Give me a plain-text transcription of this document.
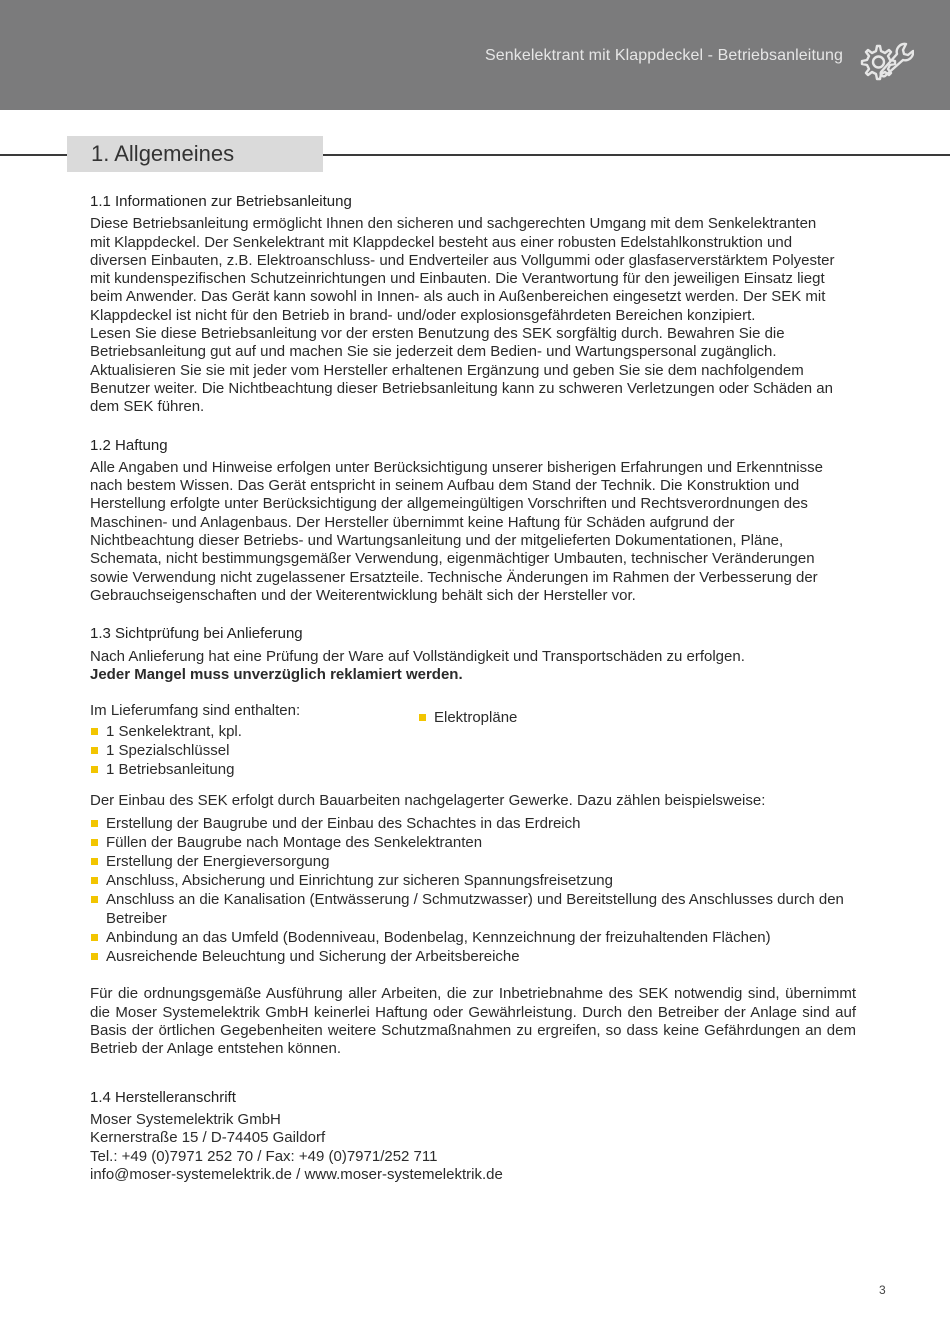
Senkelektrant mit Klappdeckel - Betriebsanleitung
1. Allgemeines
1.1 Informationen zur Betriebsanleitung

Diese Betriebsanleitung ermöglicht Ihnen den sicheren und sachgerechten Umgang mit dem Senkelektranten
mit Klappdeckel. Der Senkelektrant mit Klappdeckel besteht aus einer robusten Edelstahlkonstruktion und
diversen Einbauten, z.B. Elektroanschluss- und Endverteiler aus Vollgummi oder glasfaserverstärktem Polyester
mit kundenspezifischen Schutzeinrichtungen und Einbauten. Die Verantwortung für den jeweiligen Einsatz liegt
beim Anwender. Das Gerät kann sowohl in Innen- als auch in Außenbereichen eingesetzt werden. Der SEK mit
Klappdeckel ist nicht für den Betrieb in brand- und/oder explosionsgefährdeten Bereichen konzipiert.
Lesen Sie diese Betriebsanleitung vor der ersten Benutzung des SEK sorgfältig durch. Bewahren Sie die
Betriebsanleitung gut auf und machen Sie sie jederzeit dem Bedien- und Wartungspersonal zugänglich.
Aktualisieren Sie sie mit jeder vom Hersteller erhaltenen Ergänzung und geben Sie sie dem nachfolgendem
Benutzer weiter. Die Nichtbeachtung dieser Betriebsanleitung kann zu schweren Verletzungen oder Schäden an
dem SEK führen.

1.2 Haftung

Alle Angaben und Hinweise erfolgen unter Berücksichtigung unserer bisherigen Erfahrungen und Erkenntnisse
nach bestem Wissen. Das Gerät entspricht in seinem Aufbau dem Stand der Technik. Die Konstruktion und
Herstellung erfolgte unter Berücksichtigung der allgemeingültigen Vorschriften und Rechtsverordnungen des
Maschinen- und Anlagenbaus. Der Hersteller übernimmt keine Haftung für Schäden aufgrund der
Nichtbeachtung dieser Betriebs- und Wartungsanleitung und der mitgelieferten Dokumentationen, Pläne,
Schemata, nicht bestimmungsgemäßer Verwendung, eigenmächtiger Umbauten, technischer Veränderungen
sowie Verwendung nicht zugelassener Ersatzteile. Technische Änderungen im Rahmen der Verbesserung der
Gebrauchseigenschaften und der Weiterentwicklung behält sich der Hersteller vor.

1.3 Sichtprüfung bei Anlieferung

Nach Anlieferung hat eine Prüfung der Ware auf Vollständigkeit und Transportschäden zu erfolgen.

Jeder Mangel muss unverzüglich reklamiert werden.

Im Lieferumfang sind enthalten:
1 Senkelektrant, kpl.
1 Spezialschlüssel
1 Betriebsanleitung
Elektropläne

Der Einbau des SEK erfolgt durch Bauarbeiten nachgelagerter Gewerke. Dazu zählen beispielsweise:

Erstellung der Baugrube und der Einbau des Schachtes in das Erdreich
Füllen der Baugrube nach Montage des Senkelektranten
Erstellung der Energieversorgung
Anschluss, Absicherung und Einrichtung zur sicheren Spannungsfreisetzung
Anschluss an die Kanalisation (Entwässerung / Schmutzwasser) und Bereitstellung des Anschlusses durch den Betreiber
Anbindung an das Umfeld (Bodenniveau, Bodenbelag, Kennzeichnung der freizuhaltenden Flächen)
Ausreichende Beleuchtung und Sicherung der Arbeitsbereiche

Für die ordnungsgemäße Ausführung aller Arbeiten, die zur Inbetriebnahme des SEK notwendig sind, übernimmt die Moser Systemelektrik GmbH keinerlei Haftung oder Gewährleistung. Durch den Betreiber der Anlage sind auf Basis der örtlichen Gegebenheiten weitere Schutzmaßnahmen zu ergreifen, so dass keine Gefährdungen an dem Betrieb der Anlage entstehen können.

1.4 Herstelleranschrift

Moser Systemelektrik GmbH

Kernerstraße 15 / D-74405 Gaildorf

Tel.: +49 (0)7971 252 70 / Fax: +49 (0)7971/252 711

info@moser-systemelektrik.de / www.moser-systemelektrik.de

3
